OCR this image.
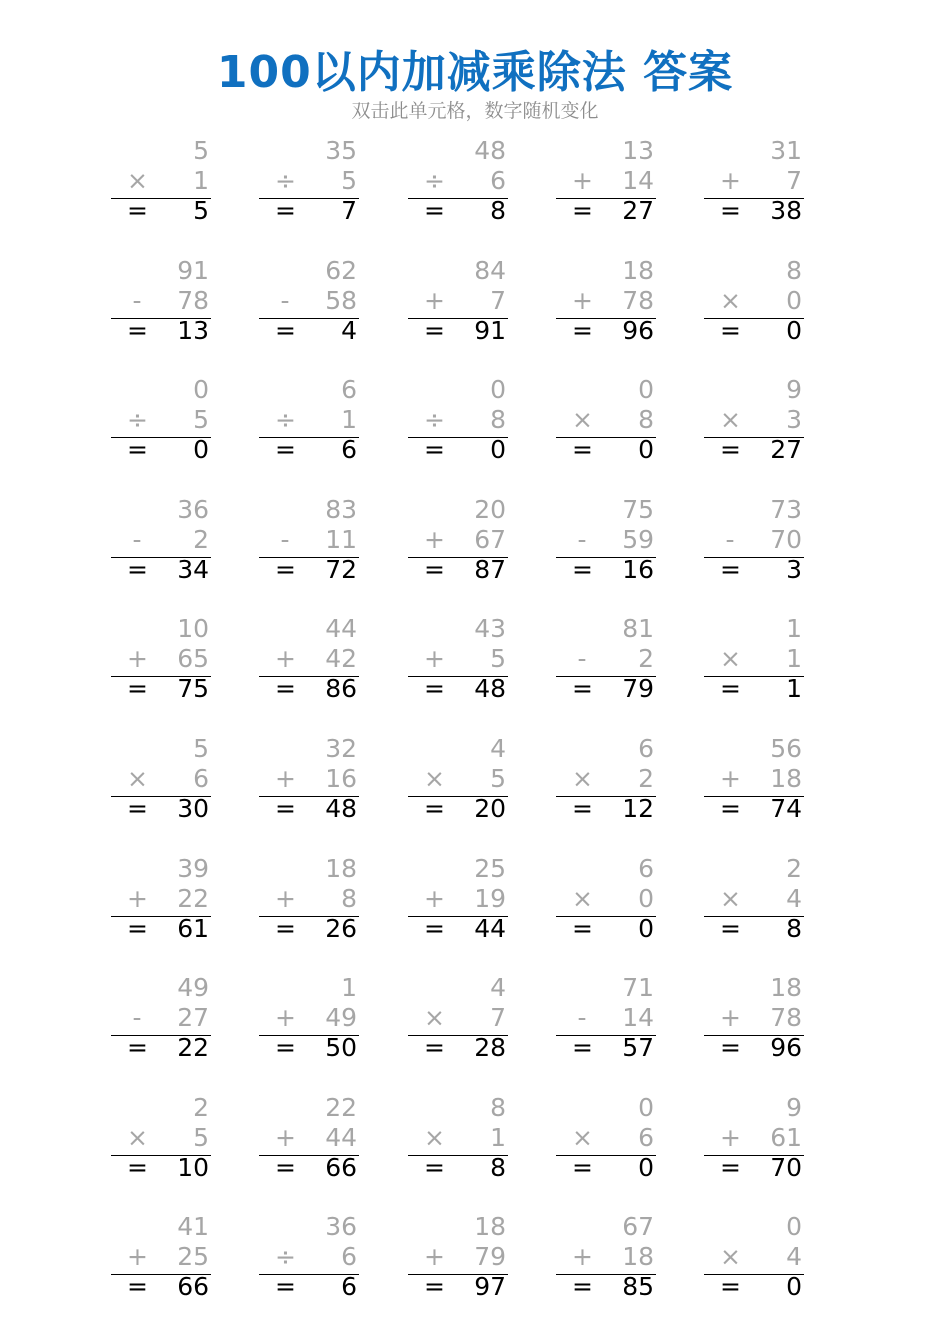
100以内加减乘除法 答案
双击此单元格，数字随机变化
5
× 1
= 5
35
÷ 5
= 7
48
÷ 6
= 8
13
+ 14
= 27
31
+ 7
= 38
91
- 78
= 13
62
- 58
= 4
84
+ 7
= 91
18
+ 78
= 96
8
× 0
= 0
0
÷ 5
= 0
6
÷ 1
= 6
0
÷ 8
= 0
0
× 8
= 0
9
× 3
= 27
36
- 2
= 34
83
- 11
= 72
20
+ 67
= 87
75
- 59
= 16
73
- 70
= 3
10
+ 65
= 75
44
+ 42
= 86
43
+ 5
= 48
81
- 2
= 79
1
× 1
= 1
5
× 6
= 30
32
+ 16
= 48
4
× 5
= 20
6
× 2
= 12
56
+ 18
= 74
39
+ 22
= 61
18
+ 8
= 26
25
+ 19
= 44
6
× 0
= 0
2
× 4
= 8
49
- 27
= 22
1
+ 49
= 50
4
× 7
= 28
71
- 14
= 57
18
+ 78
= 96
2
× 5
= 10
22
+ 44
= 66
8
× 1
= 8
0
× 6
= 0
9
+ 61
= 70
41
+ 25
= 66
36
÷ 6
= 6
18
+ 79
= 97
67
+ 18
= 85
0
× 4
= 0
